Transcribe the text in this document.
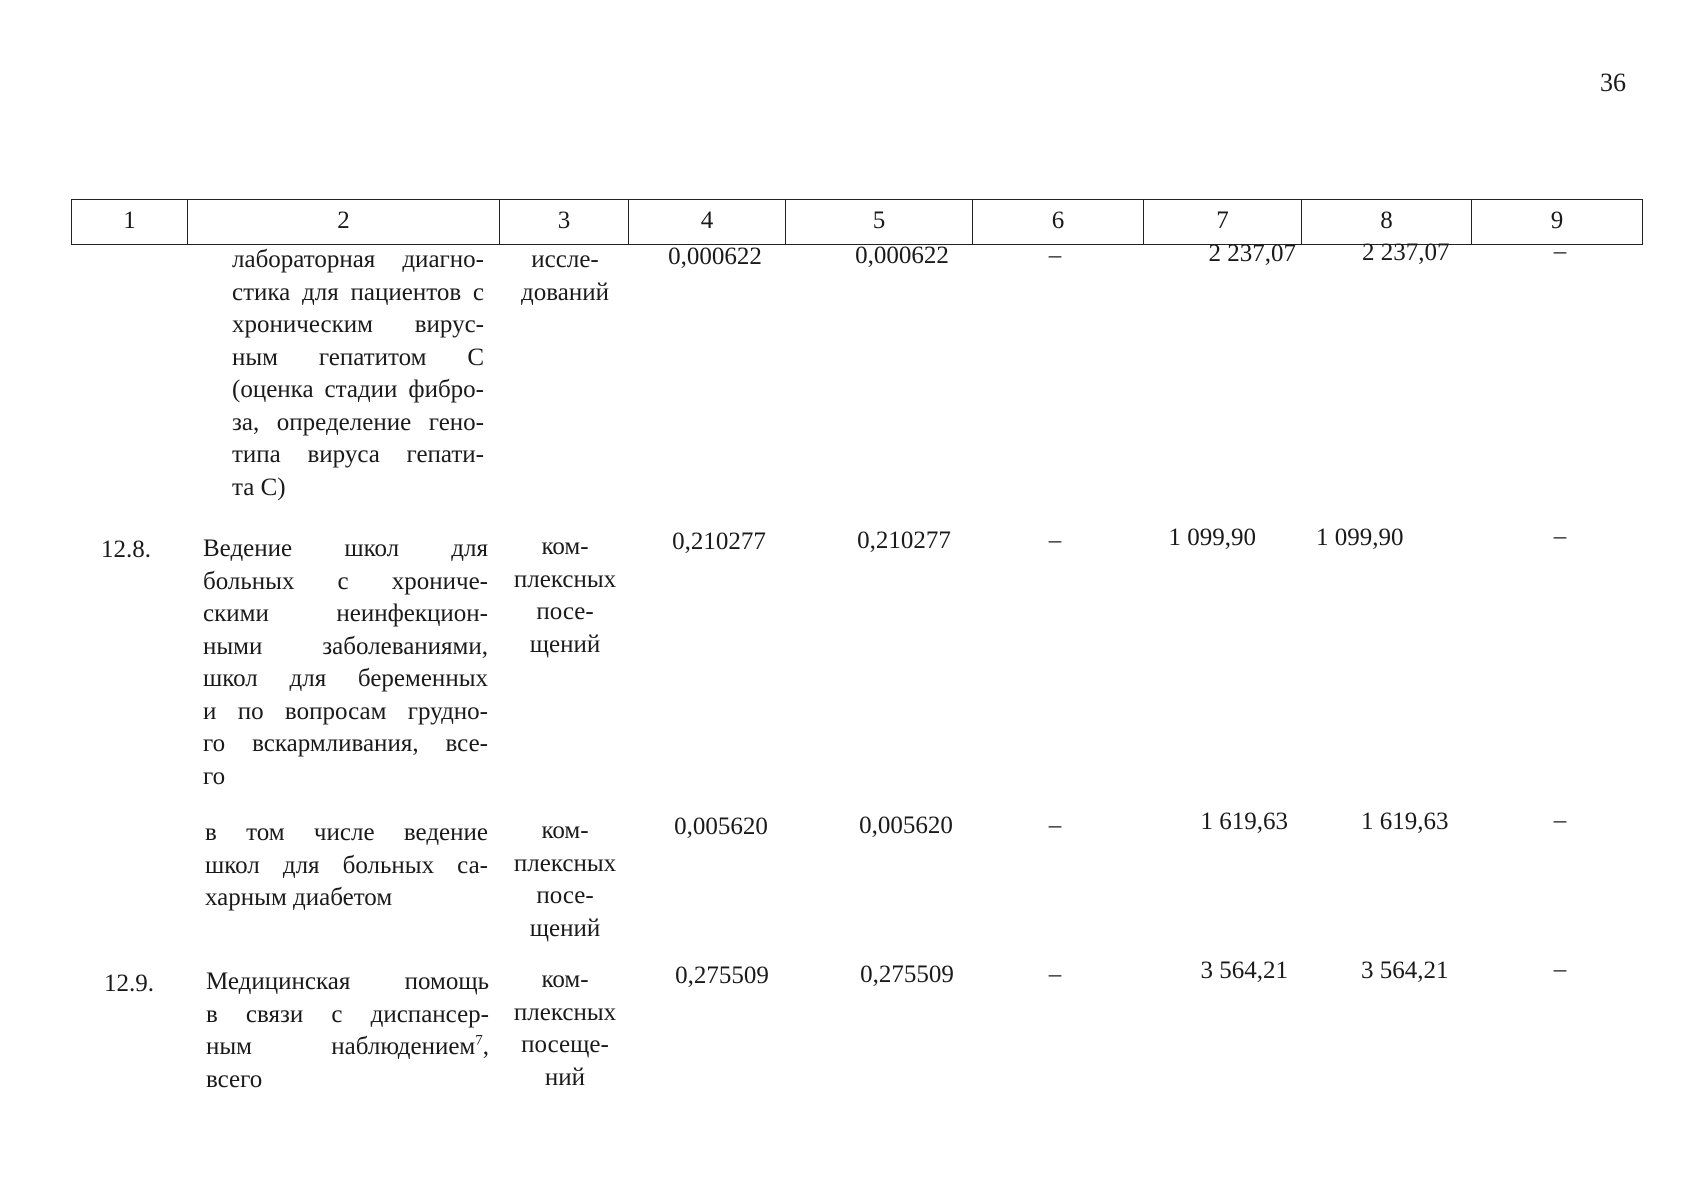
36
1	2	3	4	5	6	7	8	9
лабораторная диагно-
стика для пациентов с
хроническим вирус-
ным гепатитом С
(оценка стадии фибро-
за, определение гено-
типа вируса гепати-
та С)
иссле-
дований
0,000622	0,000622	–	2 237,07	2 237,07	–
12.8.	Ведение школ для
больных с хрониче-
скими неинфекцион-
ными заболеваниями,
школ для беременных
и по вопросам грудно-
го вскармливания, все-
го
ком-
плексных
посе-
щений
0,210277	0,210277	–	1 099,90 1 099,90	–
в том числе ведение
школ для больных са-
харным диабетом
ком-
плексных
посе-
щений
0,005620	0,005620	–	1 619,63	1 619,63	–
12.9.	Медицинская помощь
в связи с диспансер-
ным наблюдением$^7$,
всего
ком-
плексных
посеще-
ний
0,275509	0,275509	–	3 564,21	3 564,21	–
